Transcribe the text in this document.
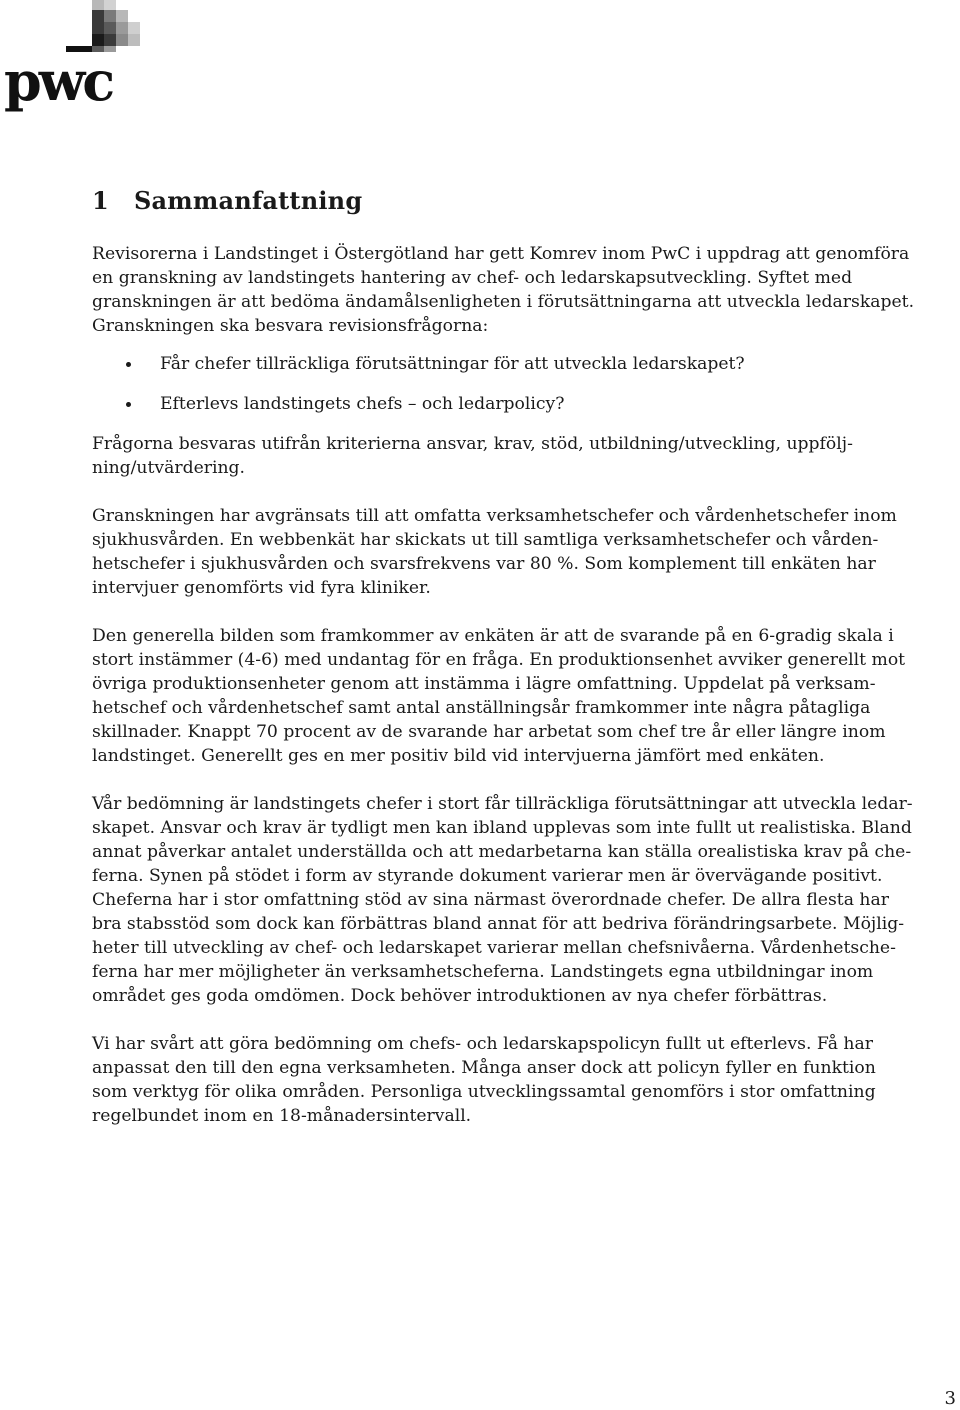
pwc
1 Sammanfattning

Revisorerna i Landstinget i Östergötland har gett Komrev inom PwC i uppdrag att genomföra
en granskning av landstingets hantering av chef- och ledarskapsutveckling. Syftet med
granskningen är att bedöma ändamålsenligheten i förutsättningarna att utveckla ledarskapet.
Granskningen ska besvara revisionsfrågorna:

Får chefer tillräckliga förutsättningar för att utveckla ledarskapet?
Efterlevs landstingets chefs – och ledarpolicy?

Frågorna besvaras utifrån kriterierna ansvar, krav, stöd, utbildning/utveckling, uppfölj-
ning/utvärdering.

Granskningen har avgränsats till att omfatta verksamhetschefer och vårdenhetschefer inom
sjukhusvården. En webbenkät har skickats ut till samtliga verksamhetschefer och vården-
hetschefer i sjukhusvården och svarsfrekvens var 80 %. Som komplement till enkäten har
intervjuer genomförts vid fyra kliniker.

Den generella bilden som framkommer av enkäten är att de svarande på en 6-gradig skala i
stort instämmer (4-6) med undantag för en fråga. En produktionsenhet avviker generellt mot
övriga produktionsenheter genom att instämma i lägre omfattning. Uppdelat på verksam-
hetschef och vårdenhetschef samt antal anställningsår framkommer inte några påtagliga
skillnader. Knappt 70 procent av de svarande har arbetat som chef tre år eller längre inom
landstinget. Generellt ges en mer positiv bild vid intervjuerna jämfört med enkäten.

Vår bedömning är landstingets chefer i stort får tillräckliga förutsättningar att utveckla ledar-
skapet. Ansvar och krav är tydligt men kan ibland upplevas som inte fullt ut realistiska. Bland
annat påverkar antalet underställda och att medarbetarna kan ställa orealistiska krav på che-
ferna. Synen på stödet i form av styrande dokument varierar men är övervägande positivt.
Cheferna har i stor omfattning stöd av sina närmast överordnade chefer. De allra flesta har
bra stabsstöd som dock kan förbättras bland annat för att bedriva förändringsarbete. Möjlig-
heter till utveckling av chef- och ledarskapet varierar mellan chefsnivåerna. Vårdenhetsche-
ferna har mer möjligheter än verksamhetscheferna. Landstingets egna utbildningar inom
området ges goda omdömen. Dock behöver introduktionen av nya chefer förbättras.

Vi har svårt att göra bedömning om chefs- och ledarskapspolicyn fullt ut efterlevs. Få har
anpassat den till den egna verksamheten. Många anser dock att policyn fyller en funktion
som verktyg för olika områden. Personliga utvecklingssamtal genomförs i stor omfattning
regelbundet inom en 18-månadersintervall.

3
